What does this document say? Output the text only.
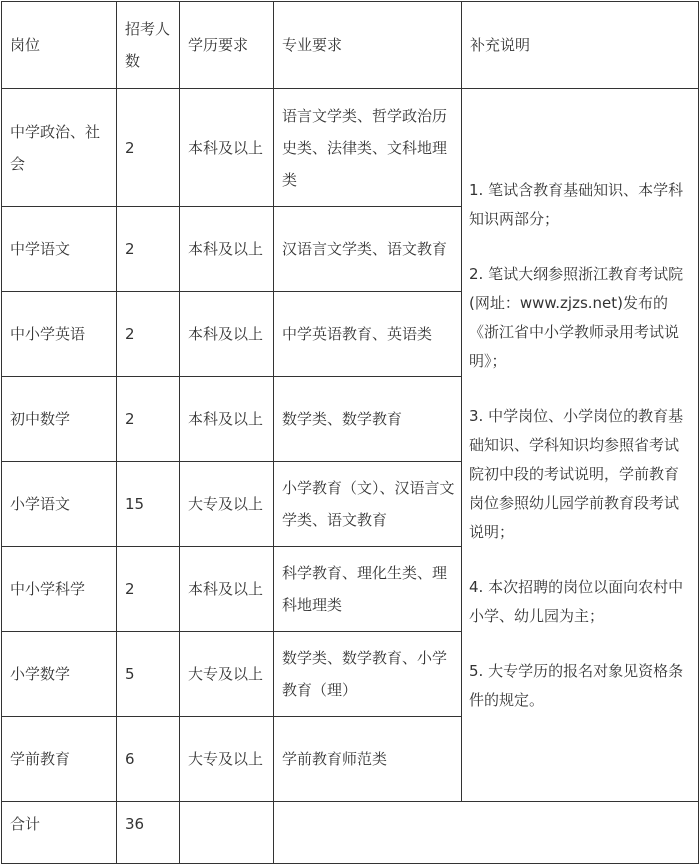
岗位	招考人数	学历要求	专业要求	补充说明

中学政治、社会	2	本科及以上	语言文学类、哲学政治历史类、法律类、文科地理类	1. 笔试含教育基础知识、本学科知识两部分；
2. 笔试大纲参照浙江教育考试院(网址：www.zjzs.net)发布的《浙江省中小学教师录用考试说明》；
3. 中学岗位、小学岗位的教育基础知识、学科知识均参照省考试院初中段的考试说明，学前教育岗位参照幼儿园学前教育段考试说明；
4. 本次招聘的岗位以面向农村中小学、幼儿园为主；
5. 大专学历的报名对象见资格条件的规定。

中学语文	2	本科及以上	汉语言文学类、语文教育	

中小学英语	2	本科及以上	中学英语教育、英语类	

初中数学	2	本科及以上	数学类、数学教育	

小学语文	15	大专及以上	小学教育（文）、汉语言文学类、语文教育	

中小学科学	2	本科及以上	科学教育、理化生类、理科地理类	

小学数学	5	大专及以上	数学类、数学教育、小学教育（理）	

学前教育	6	大专及以上	学前教育师范类	

合计	36			
